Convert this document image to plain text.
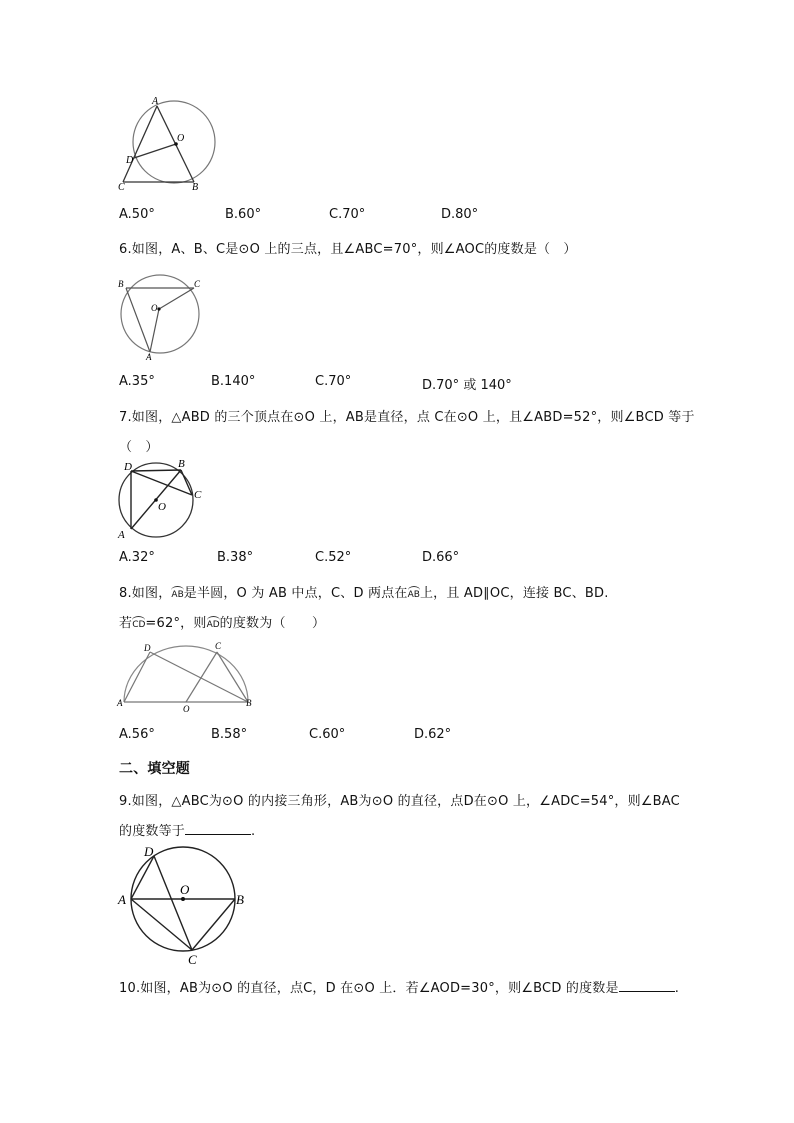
A
O
D
C	B
A.50°	B.60°	C.70°	D.80°
6.如图，A、B、C是⊙O 上的三点，且∠ABC=70°，则∠AOC的度数是（　）
B	C
O
A
A.35°	B.140°	C.70°	D.70° 或 140°
7.如图，△ABD 的三个顶点在⊙O 上，AB是直径，点 C在⊙O 上，且∠ABD=52°，则∠BCD 等于
（　）
D	B
C
O
A
A.32°	B.38°	C.52°	D.66°
8.如图，AB是半圆，O 为 AB 中点，C、D 两点在AB上，且 AD∥OC，连接 BC、BD.
若CD=62°，则AD的度数为（　　）
D	C
A
O
B
A.56°	B.58°	C.60°	D.62°
二、填空题
9.如图，△ABC为⊙O 的内接三角形，AB为⊙O 的直径，点D在⊙O 上，∠ADC=54°，则∠BAC
的度数等于	.
D
O
A	B
C
10.如图，AB为⊙O 的直径，点C，D 在⊙O 上．若∠AOD=30°，则∠BCD 的度数是	.
